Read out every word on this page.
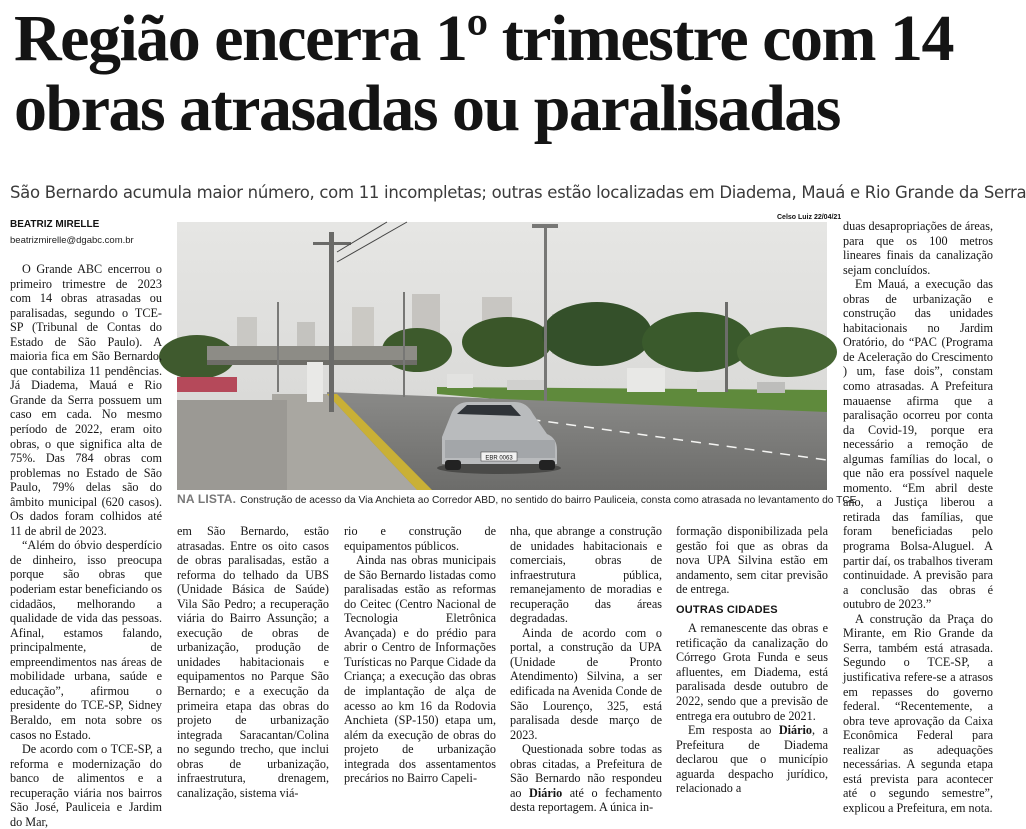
Região encerra 1º trimestre com 14 obras atrasadas ou paralisadas
São Bernardo acumula maior número, com 11 incompletas; outras estão localizadas em Diadema, Mauá e Rio Grande da Serra
BEATRIZ MIRELLE
beatrizmirelle@dgabc.com.br
Celso Luiz 22/04/21
EBR 0063
NA LISTA. Construção de acesso da Via Anchieta ao Corredor ABD, no sentido do bairro Pauliceia, consta como atrasada no levantamento do TCE

O Grande ABC encerrou o primeiro trimestre de 2023 com 14 obras atrasadas ou paralisadas, segundo o TCE-SP (Tribunal de Contas do Estado de São Paulo). A maioria fica em São Bernardo, que contabiliza 11 pendências. Já Diadema, Mauá e Rio Grande da Serra possuem um caso em cada. No mesmo período de 2022, eram oito obras, o que significa alta de 75%. Das 784 obras com problemas no Estado de São Paulo, 79% delas são do âmbito municipal (620 casos). Os dados foram colhidos até 11 de abril de 2023.

“Além do óbvio desperdício de dinheiro, isso preocupa porque são obras que poderiam estar beneficiando os cidadãos, melhorando a qualidade de vida das pessoas. Afinal, estamos falando, principalmente, de empreendimentos nas áreas de mobilidade urbana, saúde e educação”, afirmou o presidente do TCE-SP, Sidney Beraldo, em nota sobre os casos no Estado.

De acordo com o TCE-SP, a reforma e modernização do banco de alimentos e a recuperação viária nos bairros São José, Pauliceia e Jardim do Mar,

em São Bernardo, estão atrasadas. Entre os oito casos de obras paralisadas, estão a reforma do telhado da UBS (Unidade Básica de Saúde) Vila São Pedro; a recuperação viária do Bairro Assunção; a execução de obras de urbanização, produção de unidades habitacionais e equipamentos no Parque São Bernardo; e a execução da primeira etapa das obras do projeto de urbanização integrada Saracantan/Colina no segundo trecho, que inclui obras de urbanização, infraestrutura, drenagem, canalização, sistema viá-

rio e construção de equipamentos públicos.

Ainda nas obras municipais de São Bernardo listadas como paralisadas estão as reformas do Ceitec (Centro Nacional de Tecnologia Eletrônica Avançada) e do prédio para abrir o Centro de Informações Turísticas no Parque Cidade da Criança; a execução das obras de implantação de alça de acesso ao km 16 da Rodovia Anchieta (SP-150) etapa um, além da execução de obras do projeto de urbanização integrada dos assentamentos precários no Bairro Capeli-

nha, que abrange a construção de unidades habitacionais e comerciais, obras de infraestrutura pública, remanejamento de moradias e recuperação das áreas degradadas.

Ainda de acordo com o portal, a construção da UPA (Unidade de Pronto Atendimento) Silvina, a ser edificada na Avenida Conde de São Lourenço, 325, está paralisada desde março de 2023.

Questionada sobre todas as obras citadas, a Prefeitura de São Bernardo não respondeu ao Diário até o fechamento desta reportagem. A única in-

formação disponibilizada pela gestão foi que as obras da nova UPA Silvina estão em andamento, sem citar previsão de entrega.

OUTRAS CIDADES

A remanescente das obras e retificação da canalização do Córrego Grota Funda e seus afluentes, em Diadema, está paralisada desde outubro de 2022, sendo que a previsão de entrega era outubro de 2021.

Em resposta ao Diário, a Prefeitura de Diadema declarou que o município aguarda despacho jurídico, relacionado a

duas desapropriações de áreas, para que os 100 metros lineares finais da canalização sejam concluídos.

Em Mauá, a execução das obras de urbanização e construção das unidades habitacionais no Jardim Oratório, do “PAC (Programa de Aceleração do Crescimento ) um, fase dois”, constam como atrasadas. A Prefeitura mauaense afirma que a paralisação ocorreu por conta da Covid-19, porque era necessário a remoção de algumas famílias do local, o que não era possível naquele momento. “Em abril deste ano, a Justiça liberou a retirada das famílias, que foram beneficiadas pelo programa Bolsa-Aluguel. A partir daí, os trabalhos tiveram continuidade. A previsão para a conclusão das obras é outubro de 2023.”

A construção da Praça do Mirante, em Rio Grande da Serra, também está atrasada. Segundo o TCE-SP, a justificativa refere-se a atrasos em repasses do governo federal. “Recentemente, a obra teve aprovação da Caixa Econômica Federal para realizar as adequações necessárias. A segunda etapa está prevista para acontecer até o segundo semestre”, explicou a Prefeitura, em nota.
